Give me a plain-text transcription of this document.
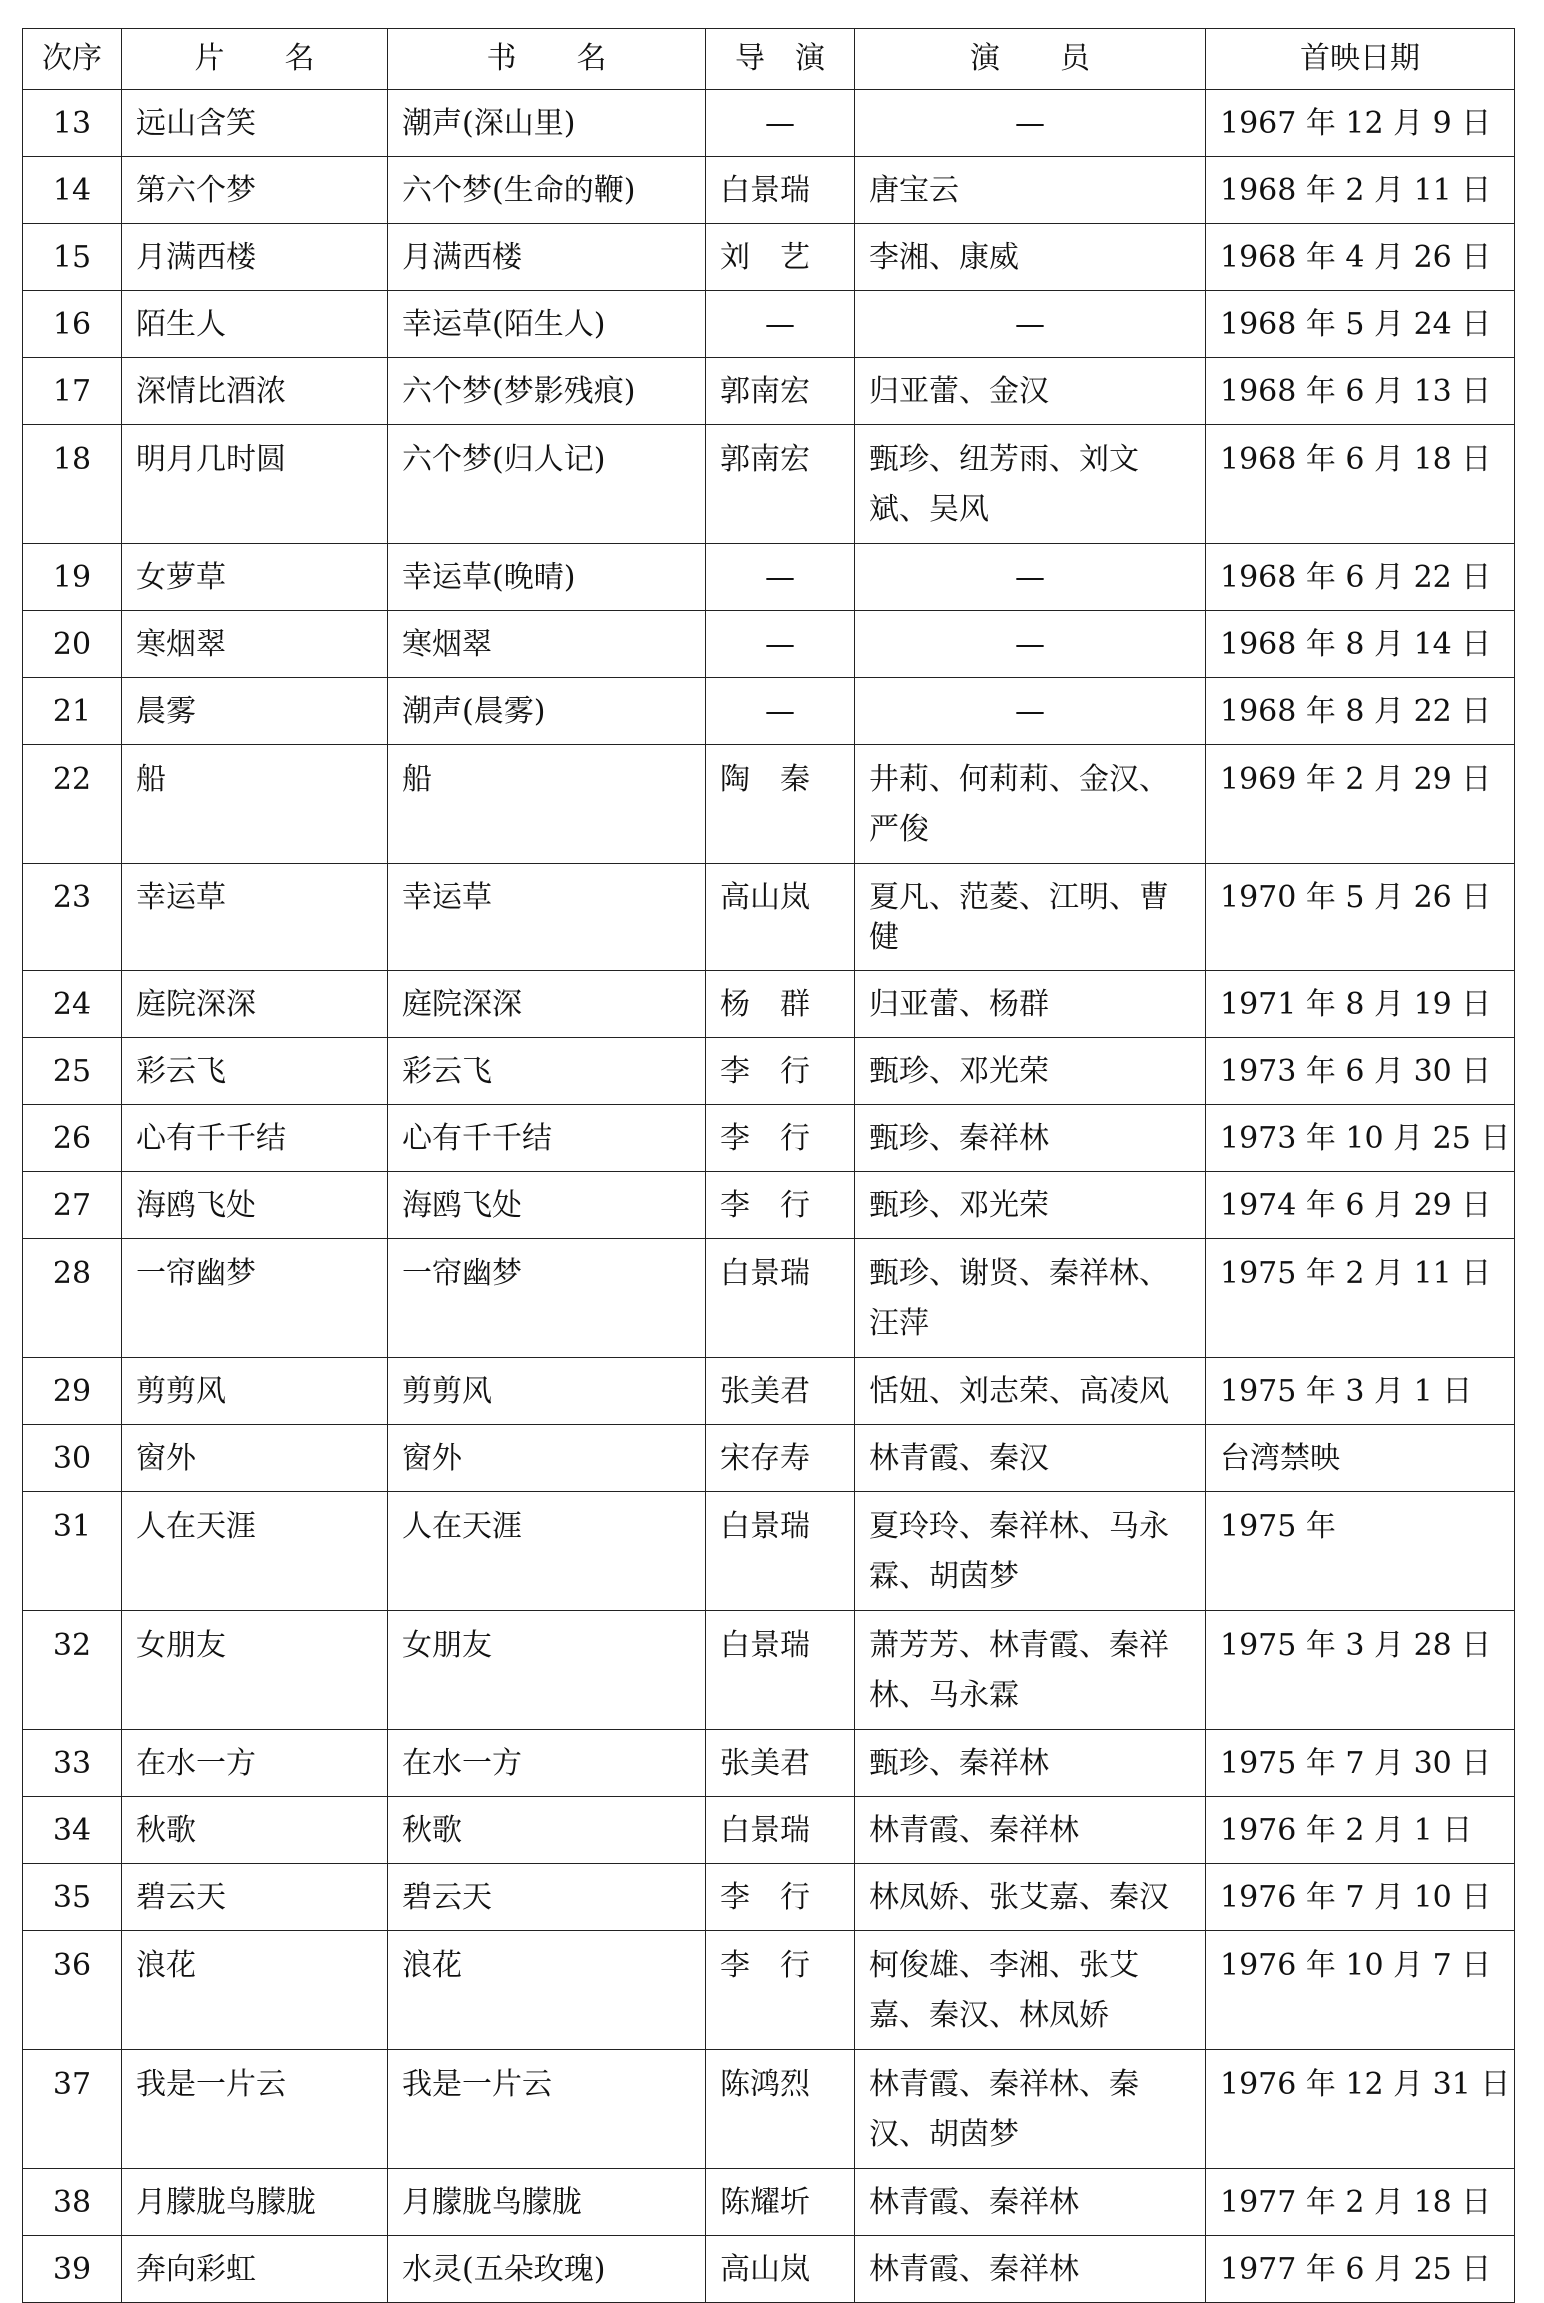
次序	片　　名	书　　名	导　演	演　　员	首映日期
13	远山含笑	潮声(深山里)	—	—	1967 年 12 月 9 日
14	第六个梦	六个梦(生命的鞭)	白景瑞	唐宝云	1968 年 2 月 11 日
15	月满西楼	月满西楼	刘　艺	李湘、康威	1968 年 4 月 26 日
16	陌生人	幸运草(陌生人)	—	—	1968 年 5 月 24 日
17	深情比酒浓	六个梦(梦影残痕)	郭南宏	归亚蕾、金汉	1968 年 6 月 13 日
18	明月几时圆	六个梦(归人记)	郭南宏	甄珍、纽芳雨、刘文斌、吴风	1968 年 6 月 18 日
19	女萝草	幸运草(晚晴)	—	—	1968 年 6 月 22 日
20	寒烟翠	寒烟翠	—	—	1968 年 8 月 14 日
21	晨雾	潮声(晨雾)	—	—	1968 年 8 月 22 日
22	船	船	陶　秦	井莉、何莉莉、金汉、严俊	1969 年 2 月 29 日
23	幸运草	幸运草	高山岚	夏凡、范菱、江明、曹健	1970 年 5 月 26 日
24	庭院深深	庭院深深	杨　群	归亚蕾、杨群	1971 年 8 月 19 日
25	彩云飞	彩云飞	李　行	甄珍、邓光荣	1973 年 6 月 30 日
26	心有千千结	心有千千结	李　行	甄珍、秦祥林	1973 年 10 月 25 日
27	海鸥飞处	海鸥飞处	李　行	甄珍、邓光荣	1974 年 6 月 29 日
28	一帘幽梦	一帘幽梦	白景瑞	甄珍、谢贤、秦祥林、汪萍	1975 年 2 月 11 日
29	剪剪风	剪剪风	张美君	恬妞、刘志荣、高凌风	1975 年 3 月 1 日
30	窗外	窗外	宋存寿	林青霞、秦汉	台湾禁映
31	人在天涯	人在天涯	白景瑞	夏玲玲、秦祥林、马永霖、胡茵梦	1975 年
32	女朋友	女朋友	白景瑞	萧芳芳、林青霞、秦祥林、马永霖	1975 年 3 月 28 日
33	在水一方	在水一方	张美君	甄珍、秦祥林	1975 年 7 月 30 日
34	秋歌	秋歌	白景瑞	林青霞、秦祥林	1976 年 2 月 1 日
35	碧云天	碧云天	李　行	林凤娇、张艾嘉、秦汉	1976 年 7 月 10 日
36	浪花	浪花	李　行	柯俊雄、李湘、张艾嘉、秦汉、林凤娇	1976 年 10 月 7 日
37	我是一片云	我是一片云	陈鸿烈	林青霞、秦祥林、秦汉、胡茵梦	1976 年 12 月 31 日
38	月朦胧鸟朦胧	月朦胧鸟朦胧	陈耀圻	林青霞、秦祥林	1977 年 2 月 18 日
39	奔向彩虹	水灵(五朵玫瑰)	高山岚	林青霞、秦祥林	1977 年 6 月 25 日
